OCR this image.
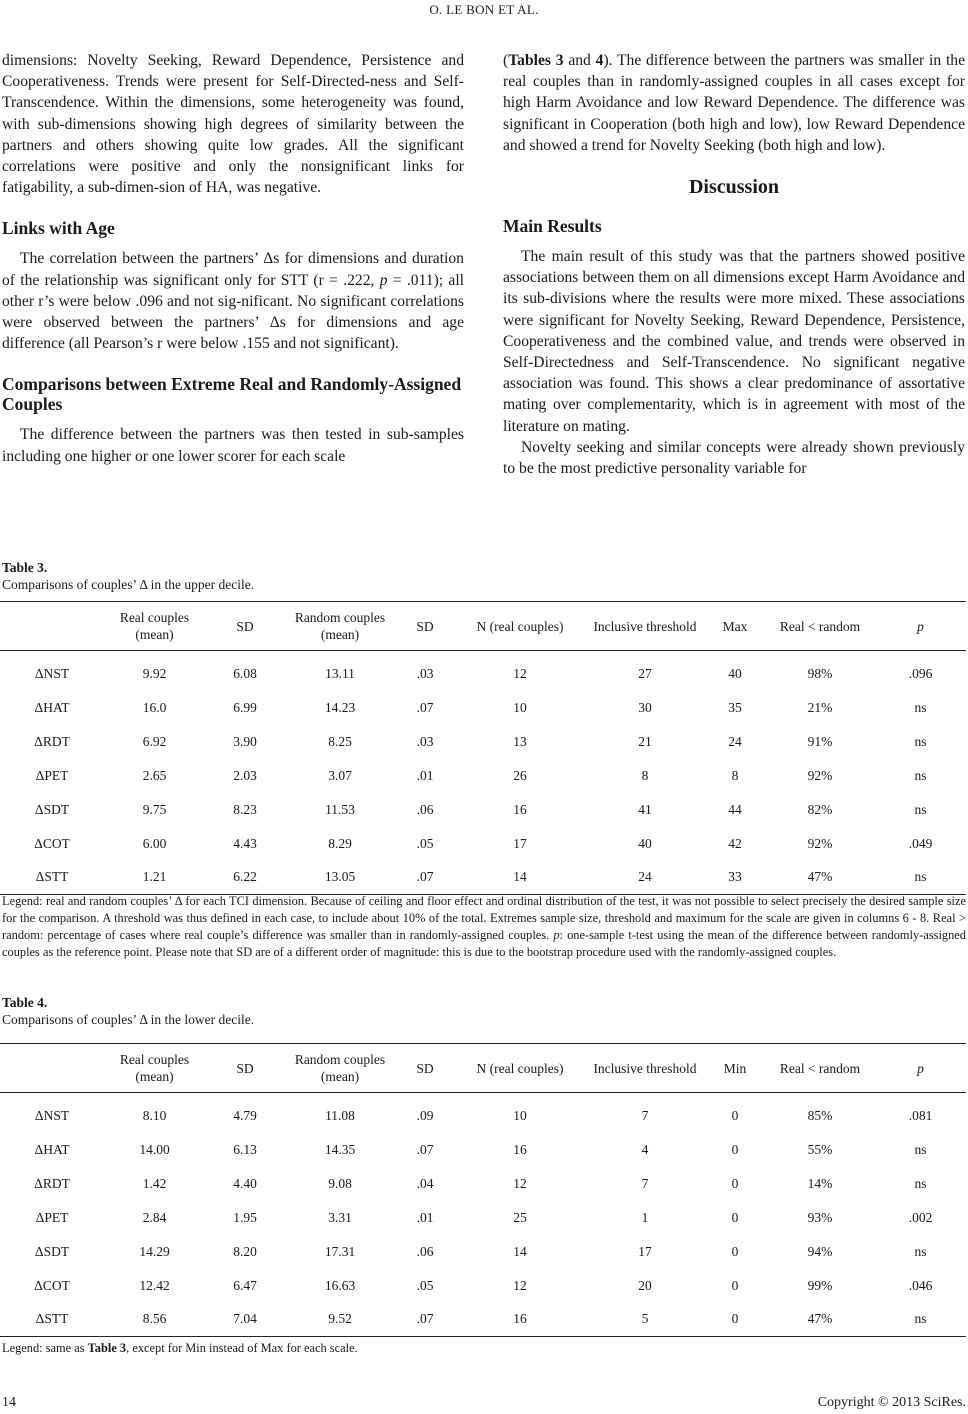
O. LE BON ET AL.

dimensions: Novelty Seeking, Reward Dependence, Persistence and Cooperativeness. Trends were present for Self-Directed-ness and Self-Transcendence. Within the dimensions, some heterogeneity was found, with sub-dimensions showing high degrees of similarity between the partners and others showing quite low grades. All the significant correlations were positive and only the nonsignificant links for fatigability, a sub-dimen-sion of HA, was negative.

Links with Age

The correlation between the partners’ Δs for dimensions and duration of the relationship was significant only for STT (r = .222, p = .011); all other r’s were below .096 and not sig-nificant. No significant correlations were observed between the partners’ Δs for dimensions and age difference (all Pearson’s r were below .155 and not significant).

Comparisons between Extreme Real and Randomly-Assigned Couples

The difference between the partners was then tested in sub-samples including one higher or one lower scorer for each scale

(Tables 3 and 4). The difference between the partners was smaller in the real couples than in randomly-assigned couples in all cases except for high Harm Avoidance and low Reward Dependence. The difference was significant in Cooperation (both high and low), low Reward Dependence and showed a trend for Novelty Seeking (both high and low).

Discussion
Main Results

The main result of this study was that the partners showed positive associations between them on all dimensions except Harm Avoidance and its sub-divisions where the results were more mixed. These associations were significant for Novelty Seeking, Reward Dependence, Persistence, Cooperativeness and the combined value, and trends were observed in Self-Directedness and Self-Transcendence. No significant negative association was found. This shows a clear predominance of assortative mating over complementarity, which is in agreement with most of the literature on mating.

Novelty seeking and similar concepts were already shown previously to be the most predictive personality variable for

Table 3.
Comparisons of couples’ Δ in the upper decile.
	Real couples (mean)	SD	Random couples (mean)	SD	N (real couples)	Inclusive threshold	Max	Real < random	p
ΔNST	9.92	6.08	13.11	.03	12	27	40	98%	.096
ΔHAT	16.0	6.99	14.23	.07	10	30	35	21%	ns
ΔRDT	6.92	3.90	8.25	.03	13	21	24	91%	ns
ΔPET	2.65	2.03	3.07	.01	26	8	8	92%	ns
ΔSDT	9.75	8.23	11.53	.06	16	41	44	82%	ns
ΔCOT	6.00	4.43	8.29	.05	17	40	42	92%	.049
ΔSTT	1.21	6.22	13.05	.07	14	24	33	47%	ns
Legend: real and random couples’ Δ for each TCI dimension. Because of ceiling and floor effect and ordinal distribution of the test, it was not possible to select precisely the desired sample size for the comparison. A threshold was thus defined in each case, to include about 10% of the total. Extremes sample size, threshold and maximum for the scale are given in columns 6 - 8. Real > random: percentage of cases where real couple’s difference was smaller than in randomly-assigned couples. p: one-sample t-test using the mean of the difference between randomly-assigned couples as the reference point. Please note that SD are of a different order of magnitude: this is due to the bootstrap procedure used with the randomly-assigned couples.
Table 4.
Comparisons of couples’ Δ in the lower decile.
	Real couples (mean)	SD	Random couples (mean)	SD	N (real couples)	Inclusive threshold	Min	Real < random	p
ΔNST	8.10	4.79	11.08	.09	10	7	0	85%	.081
ΔHAT	14.00	6.13	14.35	.07	16	4	0	55%	ns
ΔRDT	1.42	4.40	9.08	.04	12	7	0	14%	ns
ΔPET	2.84	1.95	3.31	.01	25	1	0	93%	.002
ΔSDT	14.29	8.20	17.31	.06	14	17	0	94%	ns
ΔCOT	12.42	6.47	16.63	.05	12	20	0	99%	.046
ΔSTT	8.56	7.04	9.52	.07	16	5	0	47%	ns
Legend: same as Table 3, except for Min instead of Max for each scale.
14	Copyright © 2013 SciRes.
